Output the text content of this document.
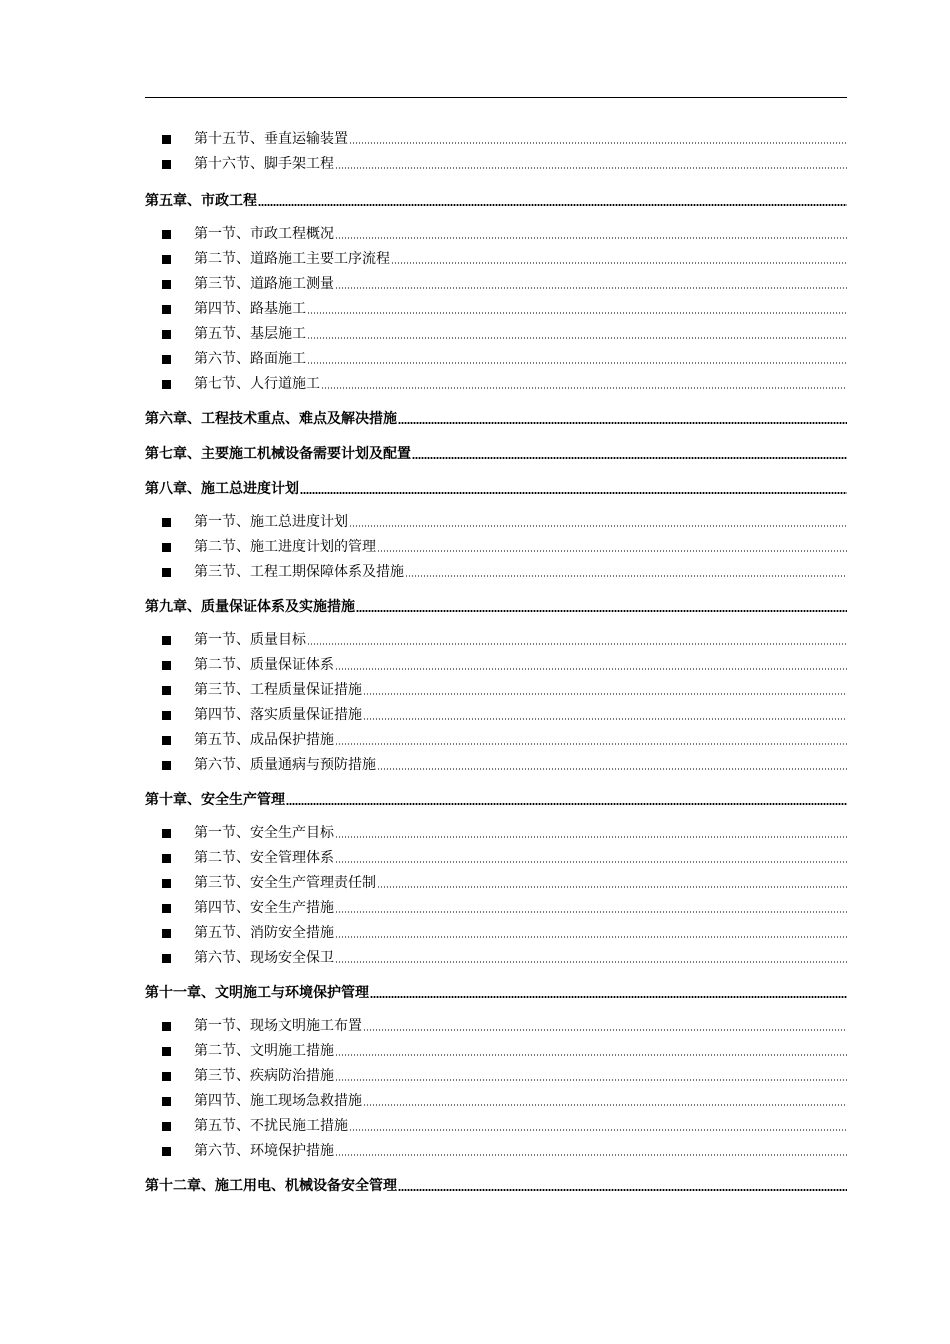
第十五节、垂直运输装置
第十六节、脚手架工程
第五章、市政工程
第一节、市政工程概况
第二节、道路施工主要工序流程
第三节、道路施工测量
第四节、路基施工
第五节、基层施工
第六节、路面施工
第七节、人行道施工
第六章、工程技术重点、难点及解决措施
第七章、主要施工机械设备需要计划及配置
第八章、施工总进度计划
第一节、施工总进度计划
第二节、施工进度计划的管理
第三节、工程工期保障体系及措施
第九章、质量保证体系及实施措施
第一节、质量目标
第二节、质量保证体系
第三节、工程质量保证措施
第四节、落实质量保证措施
第五节、成品保护措施
第六节、质量通病与预防措施
第十章、安全生产管理
第一节、安全生产目标
第二节、安全管理体系
第三节、安全生产管理责任制
第四节、安全生产措施
第五节、消防安全措施
第六节、现场安全保卫
第十一章、文明施工与环境保护管理
第一节、现场文明施工布置
第二节、文明施工措施
第三节、疾病防治措施
第四节、施工现场急救措施
第五节、不扰民施工措施
第六节、环境保护措施
第十二章、施工用电、机械设备安全管理
